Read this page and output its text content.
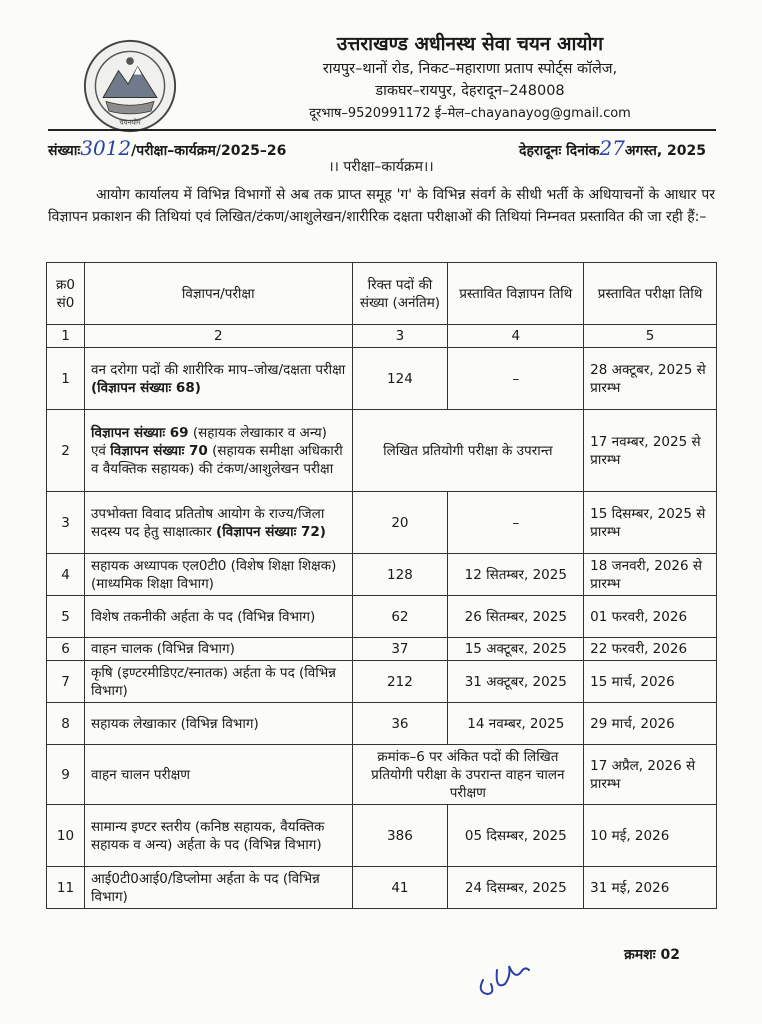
चयनयोग
उत्तराखण्ड अधीनस्थ सेवा चयन आयोग
रायपुर–थानों रोड, निकट–महाराणा प्रताप स्पोर्ट्स कॉलेज,
डाकघर–रायपुर, देहरादून–248008
दूरभाष–9520991172 ई–मेल–chayanayog@gmail.com
संख्याः3012/परीक्षा–कार्यक्रम/2025–26	देहरादूनः दिनांक27अगस्त, 2025
।। परीक्षा–कार्यक्रम।।

आयोग कार्यालय में विभिन्न विभागों से अब तक प्राप्त समूह 'ग' के विभिन्न संवर्ग के सीधी भर्ती के अधियाचनों के आधार पर विज्ञापन प्रकाशन की तिथियां एवं लिखित/टंकण/आशुलेखन/शारीरिक दक्षता परीक्षाओं की तिथियां निम्नवत प्रस्तावित की जा रही हैं:–

क्र0 सं0	विज्ञापन/परीक्षा	रिक्त पदों की संख्या (अनंतिम)	प्रस्तावित विज्ञापन तिथि	प्रस्तावित परीक्षा तिथि
1	2	3	4	5
1	वन दरोगा पदों की शारीरिक माप–जोख/दक्षता परीक्षा (विज्ञापन संख्याः 68)	124	–	28 अक्टूबर, 2025 से प्रारम्भ
2	विज्ञापन संख्याः 69 (सहायक लेखाकार व अन्य) एवं विज्ञापन संख्याः 70 (सहायक समीक्षा अधिकारी व वैयक्तिक सहायक) की टंकण/आशुलेखन परीक्षा	लिखित प्रतियोगी परीक्षा के उपरान्त		17 नवम्बर, 2025 से प्रारम्भ
3	उपभोक्ता विवाद प्रतितोष आयोग के राज्य/जिला सदस्य पद हेतु साक्षात्कार (विज्ञापन संख्याः 72)	20	–	15 दिसम्बर, 2025 से प्रारम्भ
4	सहायक अध्यापक एल0टी0 (विशेष शिक्षा शिक्षक) (माध्यमिक शिक्षा विभाग)	128	12 सितम्बर, 2025	18 जनवरी, 2026 से प्रारम्भ
5	विशेष तकनीकी अर्हता के पद (विभिन्न विभाग)	62	26 सितम्बर, 2025	01 फरवरी, 2026
6	वाहन चालक (विभिन्न विभाग)	37	15 अक्टूबर, 2025	22 फरवरी, 2026
7	कृषि (इण्टरमीडिएट/स्नातक) अर्हता के पद (विभिन्न विभाग)	212	31 अक्टूबर, 2025	15 मार्च, 2026
8	सहायक लेखाकार (विभिन्न विभाग)	36	14 नवम्बर, 2025	29 मार्च, 2026
9	वाहन चालन परीक्षण	क्रमांक–6 पर अंकित पदों की लिखित प्रतियोगी परीक्षा के उपरान्त वाहन चालन परीक्षण		17 अप्रैल, 2026 से प्रारम्भ
10	सामान्य इण्टर स्तरीय (कनिष्ठ सहायक, वैयक्तिक सहायक व अन्य) अर्हता के पद (विभिन्न विभाग)	386	05 दिसम्बर, 2025	10 मई, 2026
11	आई0टी0आई0/डिप्लोमा अर्हता के पद (विभिन्न विभाग)	41	24 दिसम्बर, 2025	31 मई, 2026
क्रमशः 02
